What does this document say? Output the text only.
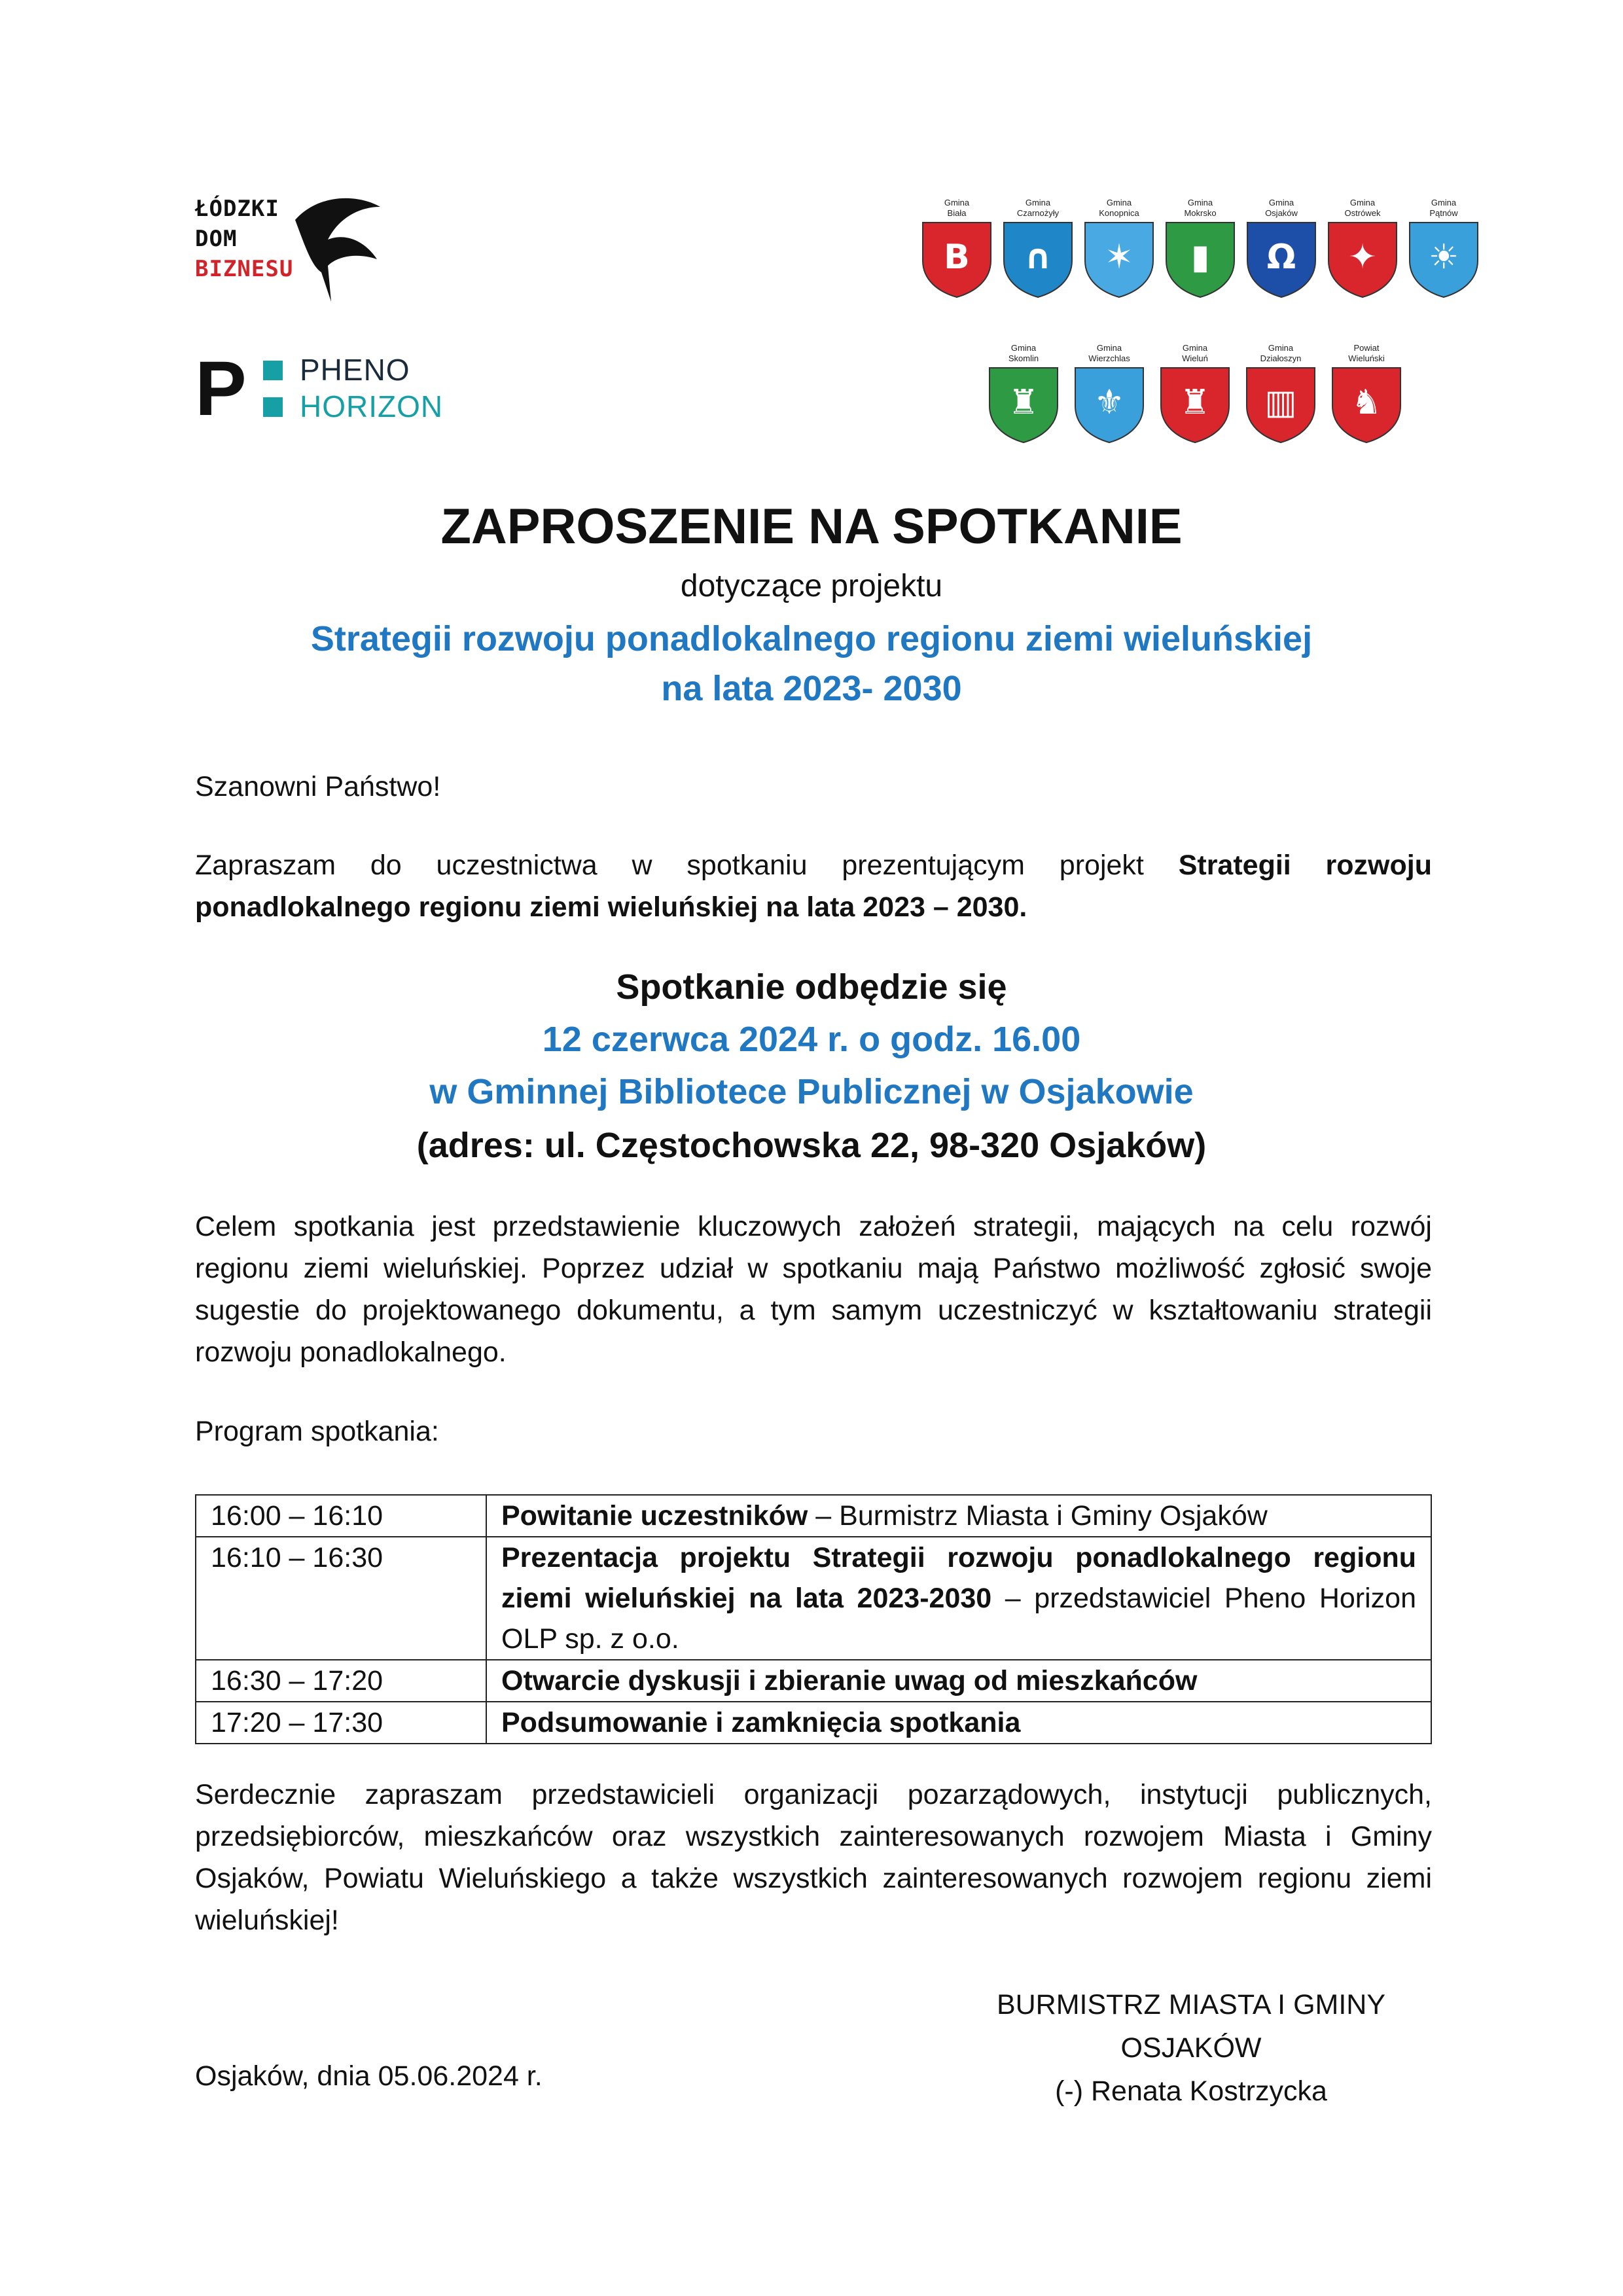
ŁÓDZKI
DOM
BIZNESU
P PHENO
HORIZON
Gmina
Biała
B
Gmina
Czarnożyły
∩
Gmina
Konopnica
✶
Gmina
Mokrsko
▮
Gmina
Osjaków
Ω
Gmina
Ostrówek
✦
Gmina
Pątnów
☀
Gmina
Skomlin
♜
Gmina
Wierzchlas
⚜
Gmina
Wieluń
♜
Gmina
Działoszyn
▥
Powiat
Wieluński
♞
ZAPROSZENIE NA SPOTKANIE
dotyczące projektu
Strategii rozwoju ponadlokalnego regionu ziemi wieluńskiej
na lata 2023- 2030
Szanowni Państwo!
Zapraszam do uczestnictwa w spotkaniu prezentującym projekt Strategii rozwoju ponadlokalnego regionu ziemi wieluńskiej na lata 2023 – 2030.
Spotkanie odbędzie się
12 czerwca 2024 r. o godz. 16.00
w Gminnej Bibliotece Publicznej w Osjakowie
(adres: ul. Częstochowska 22, 98-320 Osjaków)
Celem spotkania jest przedstawienie kluczowych założeń strategii, mających na celu rozwój regionu ziemi wieluńskiej. Poprzez udział w spotkaniu mają Państwo możliwość zgłosić swoje sugestie do projektowanego dokumentu, a tym samym uczestniczyć w kształtowaniu strategii rozwoju ponadlokalnego.
Program spotkania:
16:00 – 16:10	Powitanie uczestników – Burmistrz Miasta i Gminy Osjaków
16:10 – 16:30	Prezentacja projektu Strategii rozwoju ponadlokalnego regionu ziemi wieluńskiej na lata 2023-2030 – przedstawiciel Pheno Horizon OLP sp. z o.o.
16:30 – 17:20	Otwarcie dyskusji i zbieranie uwag od mieszkańców
17:20 – 17:30	Podsumowanie i zamknięcia spotkania
Serdecznie zapraszam przedstawicieli organizacji pozarządowych, instytucji publicznych, przedsiębiorców, mieszkańców oraz wszystkich zainteresowanych rozwojem Miasta i Gminy Osjaków, Powiatu Wieluńskiego a także wszystkich zainteresowanych rozwojem regionu ziemi wieluńskiej!
BURMISTRZ MIASTA I GMINY
OSJAKÓW
(-) Renata Kostrzycka
Osjaków, dnia 05.06.2024 r.
